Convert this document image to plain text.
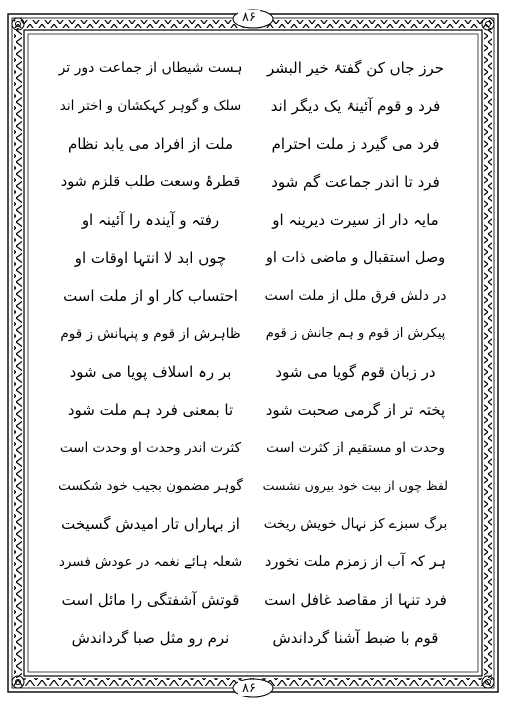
۸۶
۸۶
حرز جاں کن گفتۂ خیر البشر
ہست شیطاں از جماعت دور تر
فرد و قوم آئینۂ یک دیگر اند
سلک و گوہر کہکشان و اختر اند
فرد می گیرد ز ملت احترام
ملت از افراد می یابد نظام
فرد تا اندر جماعت گم شود
قطرۂ وسعت طلب قلزم شود
مایہ دار از سیرت دیرینہ او
رفتہ و آیندہ را آئینہ او
وصل استقبال و ماضی ذات او
چوں ابد لا انتہا اوقات او
در دلش فرق ملل از ملت است
احتساب کار او از ملت است
پیکرش از قوم و ہم جانش ز قوم
ظاہرش از قوم و پنہانش ز قوم
در زبان قوم گویا می شود
بر رہ اسلاف پویا می شود
پختہ تر از گرمی صحبت شود
تا بمعنی فرد ہم ملت شود
وحدت او مستقیم از کثرت است
کثرت اندر وحدت او وحدت است
لفظ چوں از بیت خود بیروں نشست
گوہر مضمون بجیب خود شکست
برگ سبزے کز نہال خویش ریخت
از بہاراں تار امیدش گسیخت
ہر کہ آب از زمزم ملت نخورد
شعلہ ہائے نغمہ در عودش فسرد
فرد تنہا از مقاصد غافل است
قوتش آشفتگی را مائل است
قوم با ضبط آشنا گرداندش
نرم رو مثل صبا گرداندش
